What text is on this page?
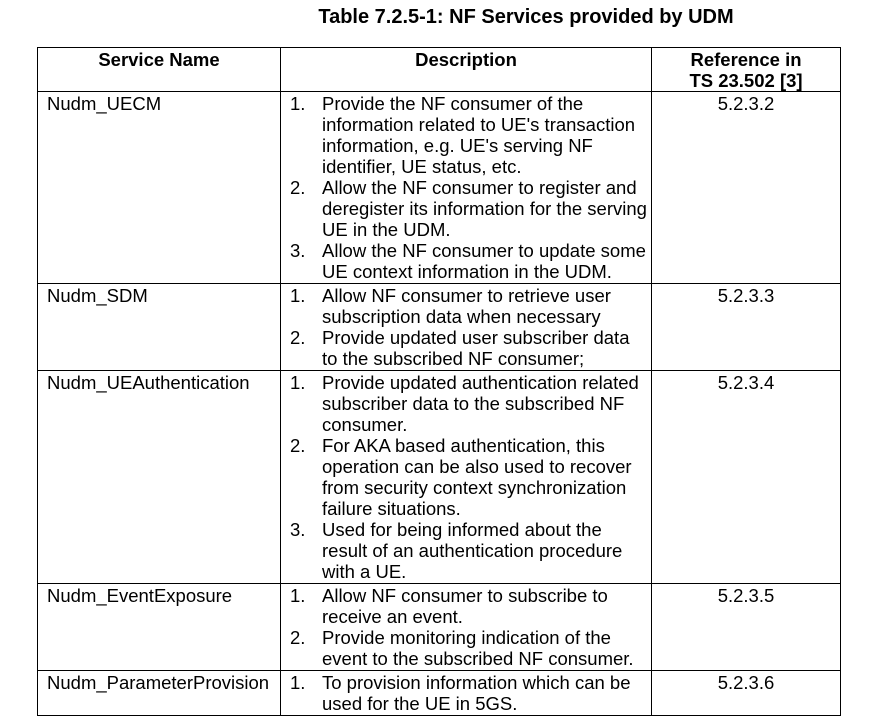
Table 7.2.5-1: NF Services provided by UDM
Service Name	Description	Reference in
TS 23.502 [3]

Nudm_UECM	Provide the NF consumer of the information related to UE's transaction information, e.g. UE's serving NF identifier, UE status, etc.
Allow the NF consumer to register and deregister its information for the serving UE in the UDM.
Allow the NF consumer to update some UE context information in the UDM.
	5.2.3.2
Nudm_SDM	Allow NF consumer to retrieve user subscription data when necessary
Provide updated user subscriber data to the subscribed NF consumer;
	5.2.3.3
Nudm_UEAuthentication	Provide updated authentication related subscriber data to the subscribed NF consumer.
For AKA based authentication, this operation can be also used to recover from security context synchronization failure situations.
Used for being informed about the result of an authentication procedure with a UE.
	5.2.3.4
Nudm_EventExposure	Allow NF consumer to subscribe to receive an event.
Provide monitoring indication of the event to the subscribed NF consumer.
	5.2.3.5
Nudm_ParameterProvision	To provision information which can be used for the UE in 5GS.
	5.2.3.6
